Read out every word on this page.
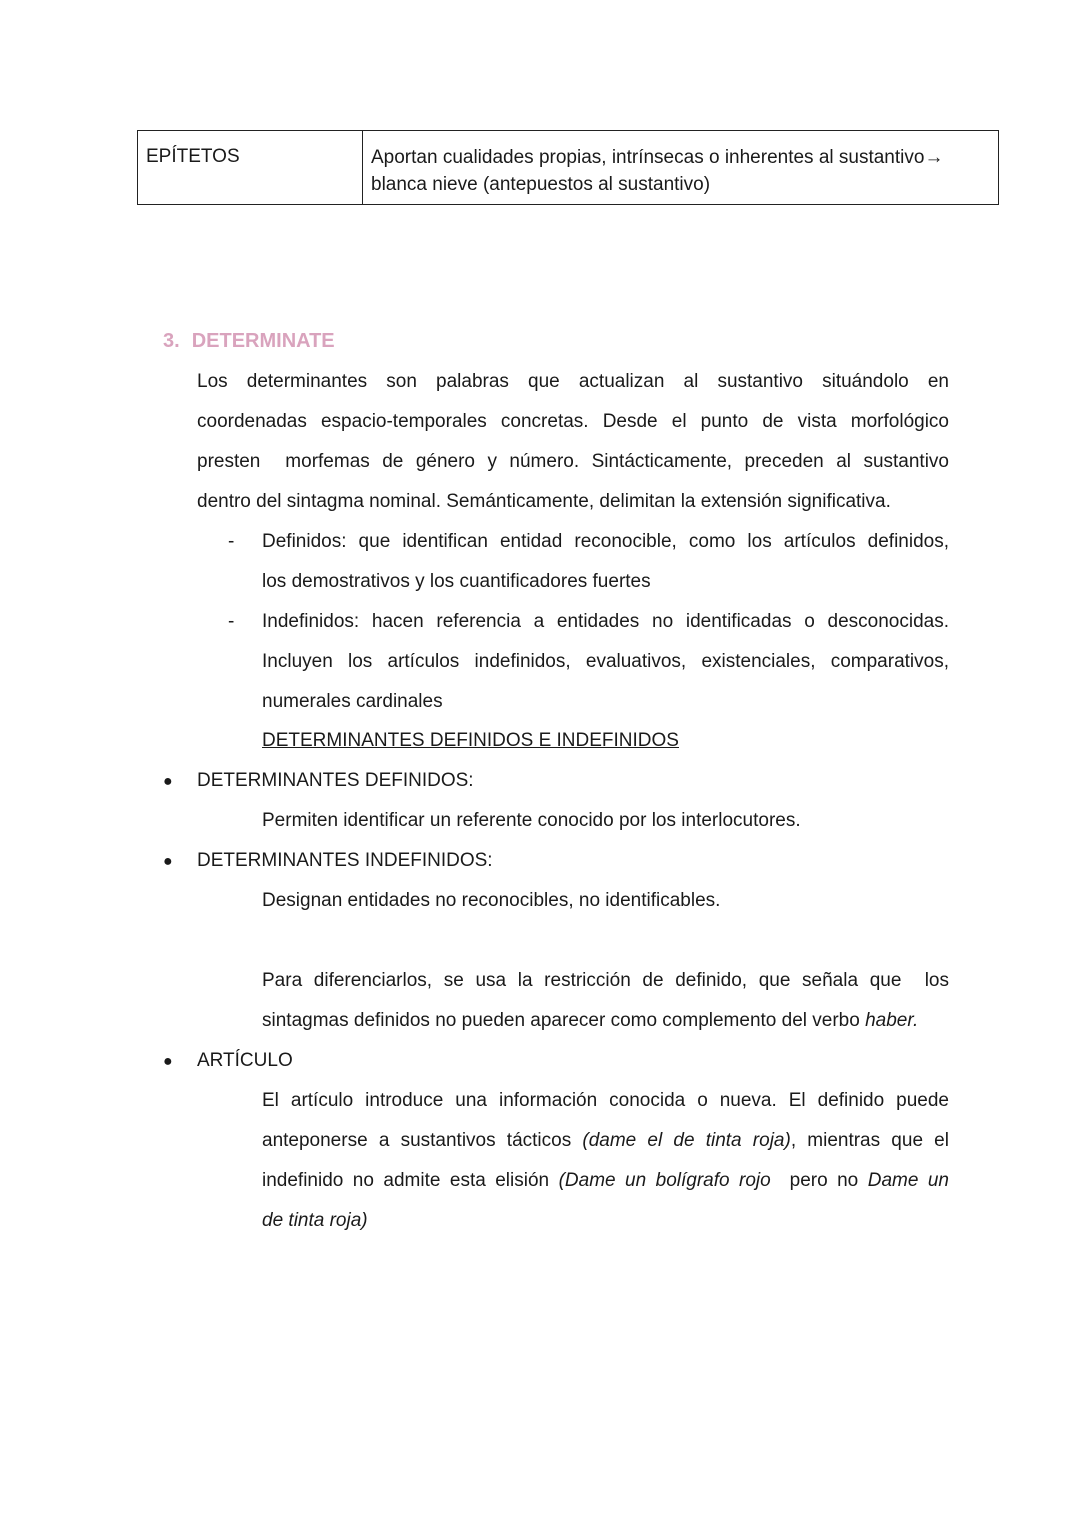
EPÍTETOS	Aportan cualidades propias, intrínsecas o inherentes al sustantivo→
blanca nieve (antepuestos al sustantivo)
3. DETERMINATE
Los determinantes son palabras que actualizan al sustantivo situándolo en
coordenadas espacio-temporales concretas. Desde el punto de vista morfológico
presten  morfemas de género y número. Sintácticamente, preceden al sustantivo
dentro del sintagma nominal. Semánticamente, delimitan la extensión significativa.
- Definidos: que identifican entidad reconocible, como los artículos definidos,
los demostrativos y los cuantificadores fuertes
- Indefinidos: hacen referencia a entidades no identificadas o desconocidas.
Incluyen los artículos indefinidos, evaluativos, existenciales, comparativos,
numerales cardinales
DETERMINANTES DEFINIDOS E INDEFINIDOS
● DETERMINANTES DEFINIDOS:
Permiten identificar un referente conocido por los interlocutores.
● DETERMINANTES INDEFINIDOS:
Designan entidades no reconocibles, no identificables.
Para diferenciarlos, se usa la restricción de definido, que señala que  los
sintagmas definidos no pueden aparecer como complemento del verbo haber.
● ARTÍCULO
El artículo introduce una información conocida o nueva. El definido puede
anteponerse a sustantivos tácticos (dame el de tinta roja), mientras que el
indefinido no admite esta elisión (Dame un bolígrafo rojo  pero no Dame un
de tinta roja)
